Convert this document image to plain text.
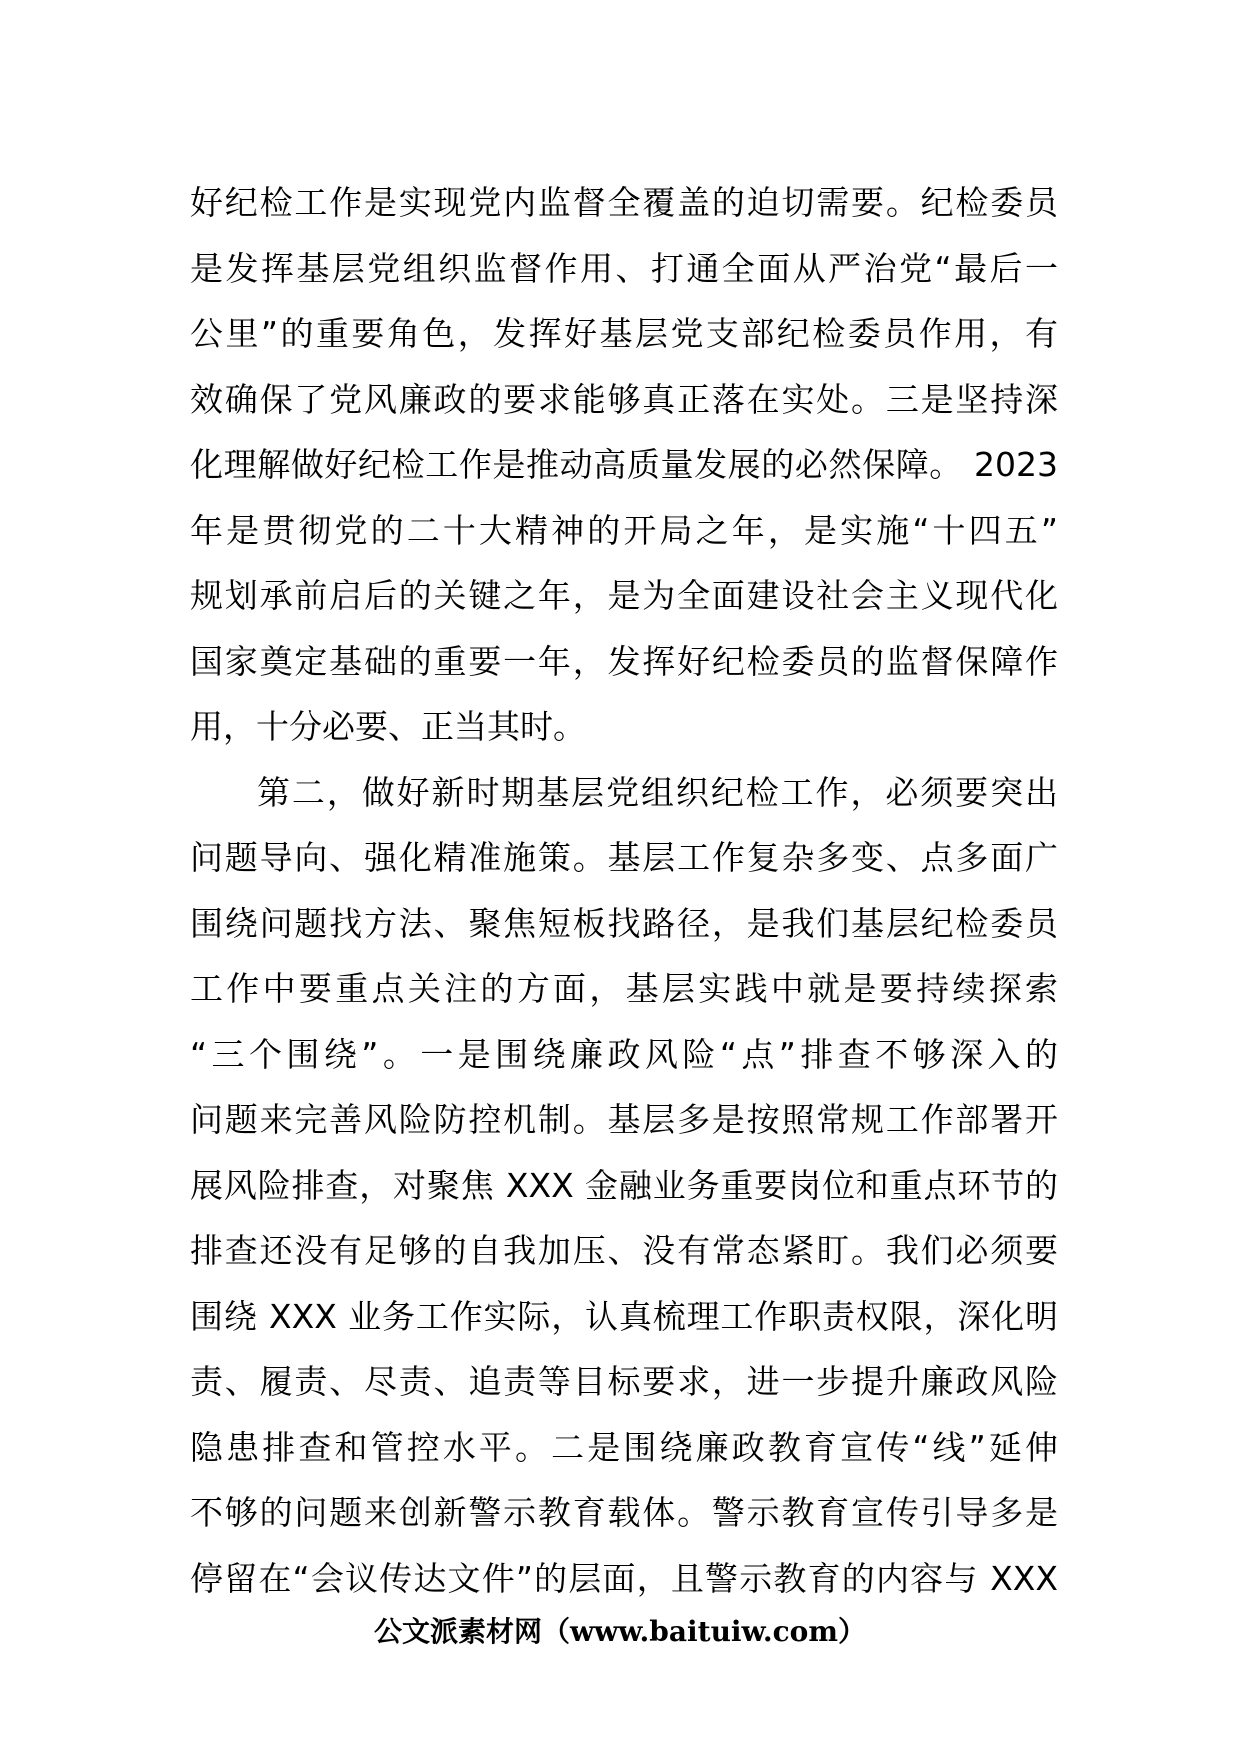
好纪检工作是实现党内监督全覆盖的迫切需要。纪检委员
是发挥基层党组织监督作用、打通全面从严治党“最后一
公里”的重要角色，发挥好基层党支部纪检委员作用，有
效确保了党风廉政的要求能够真正落在实处。三是坚持深
化理解做好纪检工作是推动高质量发展的必然保障。 2023
年是贯彻党的二十大精神的开局之年，是实施“十四五”
规划承前启后的关键之年，是为全面建设社会主义现代化
国家奠定基础的重要一年，发挥好纪检委员的监督保障作
用，十分必要、正当其时。
第二，做好新时期基层党组织纪检工作，必须要突出
问题导向、强化精准施策。基层工作复杂多变、点多面广
围绕问题找方法、聚焦短板找路径，是我们基层纪检委员
工作中要重点关注的方面，基层实践中就是要持续探索
“三个围绕”。一是围绕廉政风险“点”排查不够深入的
问题来完善风险防控机制。基层多是按照常规工作部署开
展风险排查，对聚焦 XXX 金融业务重要岗位和重点环节的
排查还没有足够的自我加压、没有常态紧盯。我们必须要
围绕 XXX 业务工作实际，认真梳理工作职责权限，深化明
责、履责、尽责、追责等目标要求，进一步提升廉政风险
隐患排查和管控水平。二是围绕廉政教育宣传“线”延伸
不够的问题来创新警示教育载体。警示教育宣传引导多是
停留在“会议传达文件”的层面，且警示教育的内容与 XXX
公文派素材网（www.baituiw.com）
